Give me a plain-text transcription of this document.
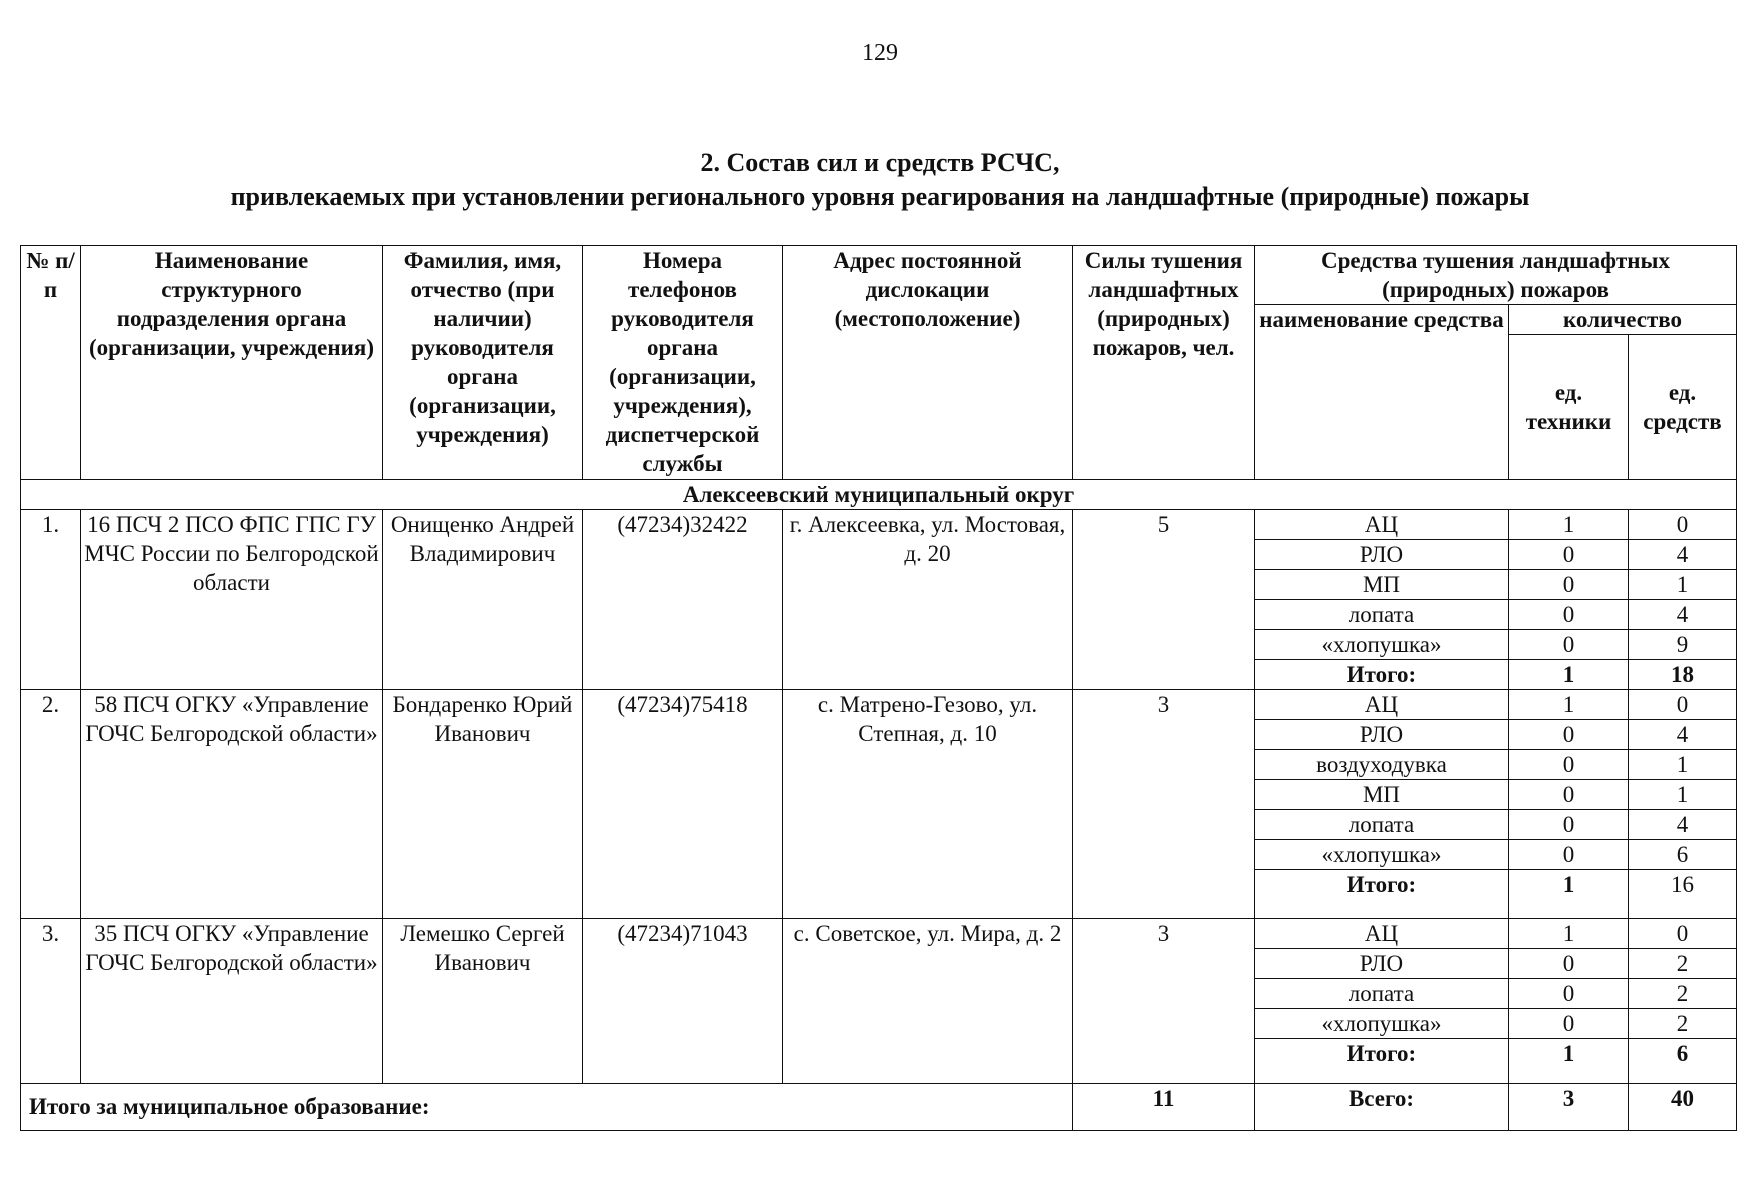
129
2. Состав сил и средств РСЧС,
привлекаемых при установлении регионального уровня реагирования на ландшафтные (природные) пожары
№ п/п	Наименование структурного подразделения органа (организации, учреждения)	Фамилия, имя, отчество (при наличии) руководителя органа (организации, учреждения)	Номера телефонов руководителя органа (организации, учреждения), диспетчерской службы	Адрес постоянной дислокации (местоположение)	Силы тушения ландшафтных (природных) пожаров, чел.	Средства тушения ландшафтных (природных) пожаров		
						наименование средства	количество	
							ед. техники	ед. средств
Алексеевский муниципальный округ								
1.	16 ПСЧ 2 ПСО ФПС ГПС ГУ МЧС России по Белгородской области	Онищенко Андрей Владимирович	(47234)32422	г. Алексеевка, ул. Мостовая, д. 20	5	АЦ	1	0
						РЛО	0	4
						МП	0	1
						лопата	0	4
						«хлопушка»	0	9
						Итого:	1	18
2.	58 ПСЧ ОГКУ «Управление ГОЧС Белгородской области»	Бондаренко Юрий Иванович	(47234)75418	с. Матрено-Гезово, ул. Степная, д. 10	3	АЦ	1	0
						РЛО	0	4
						воздуходувка	0	1
						МП	0	1
						лопата	0	4
						«хлопушка»	0	6
						Итого:	1	16
3.	35 ПСЧ ОГКУ «Управление ГОЧС Белгородской области»	Лемешко Сергей Иванович	(47234)71043	с. Советское, ул. Мира, д. 2	3	АЦ	1	0
						РЛО	0	2
						лопата	0	2
						«хлопушка»	0	2
						Итого:	1	6
Итого за муниципальное образование:					11	Всего:	3	40
